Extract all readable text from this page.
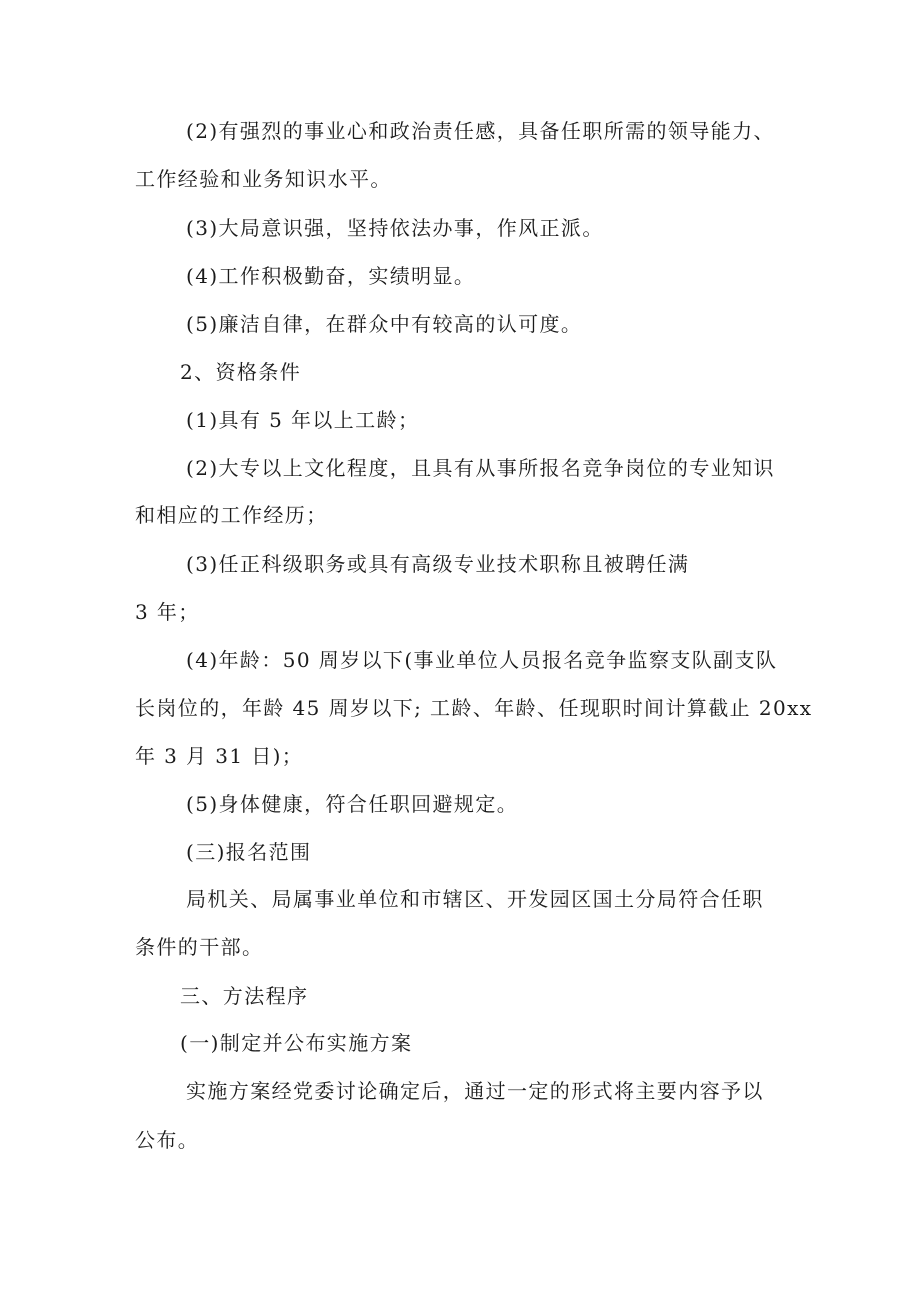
(2)有强烈的事业心和政治责任感，具备任职所需的领导能力、
工作经验和业务知识水平。
(3)大局意识强，坚持依法办事，作风正派。
(4)工作积极勤奋，实绩明显。
(5)廉洁自律，在群众中有较高的认可度。
2、资格条件
(1)具有 5 年以上工龄；
(2)大专以上文化程度，且具有从事所报名竞争岗位的专业知识
和相应的工作经历；
(3)任正科级职务或具有高级专业技术职称且被聘任满
3 年；
(4)年龄：50 周岁以下(事业单位人员报名竞争监察支队副支队
长岗位的，年龄 45 周岁以下; 工龄、年龄、任现职时间计算截止 20xx
年 3 月 31 日)；
(5)身体健康，符合任职回避规定。
(三)报名范围
局机关、局属事业单位和市辖区、开发园区国土分局符合任职
条件的干部。
三、方法程序
(一)制定并公布实施方案
实施方案经党委讨论确定后，通过一定的形式将主要内容予以
公布。
